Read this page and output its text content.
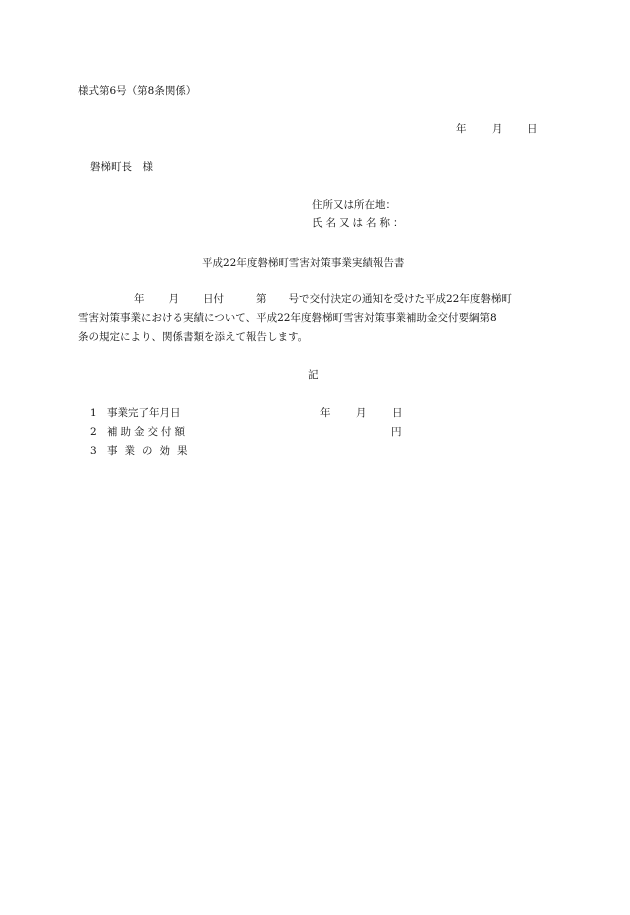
様式第6号（第8条関係）
年 月 日
磐梯町長　様
住所又は所在地：
氏名又は名称：
平成22年度磐梯町雪害対策事業実績報告書
年 月 日付	第 号で交付決定の通知を受けた平成22年度磐梯町
雪害対策事業における実績について、平成22年度磐梯町雪害対策事業補助金交付要綱第8
条の規定により、関係書類を添えて報告します。
記
1 事業完了年月日	年 月 日
2 補助金交付額	円
3 事業の効果
